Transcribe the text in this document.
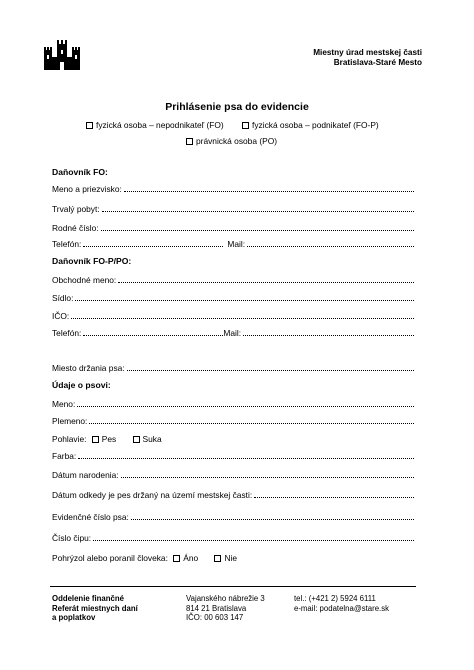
Miestny úrad mestskej časti
Bratislava-Staré Mesto
Prihlásenie psa do evidencie
fyzická osoba – nepodnikateľ (FO)	fyzická osoba – podnikateľ (FO-P)
právnická osoba (PO)
Daňovník FO:
Meno a priezvisko:
Trvalý pobyt:
Rodné číslo:
Telefón:	Mail:
Daňovník FO-P/PO:
Obchodné meno:
Sídlo:
IČO:
Telefón:	Mail:
Miesto držania psa:
Údaje o psovi:
Meno:
Plemeno:
Pohlavie: Pes	Suka
Farba:
Dátum narodenia:
Dátum odkedy je pes držaný na území mestskej časti:
Evidenčné číslo psa:
Číslo čipu:
Pohrýzol alebo poranil človeka: Áno	Nie
Oddelenie finančné
Referát miestnych daní
a poplatkov
Vajanského nábrežie 3
814 21 Bratislava
IČO: 00 603 147
tel.: (+421 2) 5924 6111
e-mail: podatelna@stare.sk
